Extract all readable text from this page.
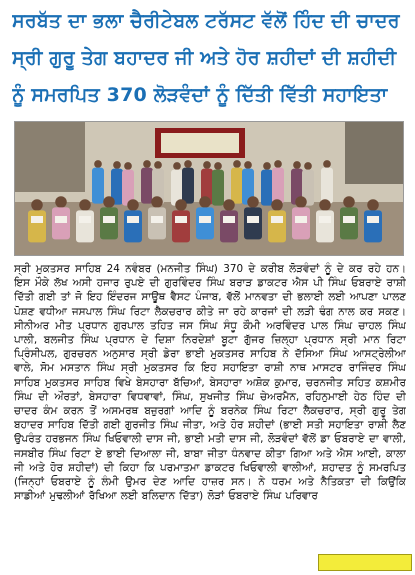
ਸਰਬੱਤ ਦਾ ਭਲਾ ਚੈਰੀਟੇਬਲ ਟਰੱਸਟ ਵੱਲੋਂ ਹਿੰਦ ਦੀ ਚਾਦਰ
ਸ੍ਰੀ ਗੁਰੂ ਤੇਗ ਬਹਾਦਰ ਜੀ ਅਤੇ ਹੋਰ ਸ਼ਹੀਦਾਂ ਦੀ ਸ਼ਹੀਦੀ
ਨੂੰ ਸਮਰਪਿਤ 370 ਲੋੜਵੰਦਾਂ ਨੂੰ ਦਿੱਤੀ ਵਿੱਤੀ ਸਹਾਇਤਾ

ਸ੍ਰੀ ਮੁਕਤਸਰ ਸਾਹਿਬ 24 ਨਵੰਬਰ (ਮਨਜੀਤ ਸਿੰਘ) 370 ਦੇ ਕਰੀਬ ਲੋੜਵੰਦਾਂ ਨੂੰ ਦੇ ਕਰ ਰਹੇ ਹਨ। ਇਸ ਮੌਕੇ ਲੱਖ ਅਸੀ ਹਜਾਰ ਰੁਪਏ ਦੀ ਗੁਰਵਿੰਦਰ ਸਿੰਘ ਬਰਾੜ ਡਾਕਟਰ ਐਸ ਪੀ ਸਿੰਘ ਓਬਰਾਏ ਰਾਸ਼ੀ ਦਿੱਤੀ ਗਈ ਤਾਂ ਜੋ ਇਹ ਇੰਦਰਜ ਸਾਊਥ ਵੈਸਟ ਪੰਜਾਬ, ਵੱਲੋਂ ਮਾਨਵਤਾ ਦੀ ਭਲਾਈ ਲਈ ਆਪਣਾ ਪਾਲਣ ਪੋਸ਼ਣ ਵਧੀਆ ਜਸਪਾਲ ਸਿੰਘ ਰਿਟਾ ਲੈਕਚਰਾਰ ਕੀਤੇ ਜਾ ਰਹੇ ਕਾਰਜਾਂ ਦੀ ਲੜੀ ਢੰਗ ਨਾਲ ਕਰ ਸਕਣ। ਸੀਨੀਅਰ ਮੀਤ ਪ੍ਰਧਾਨ ਗੁਰਪਾਲ ਤਹਿਤ ਜਸ ਸਿੰਘ ਸੰਧੂ ਕੌਮੀ ਅਰਵਿੰਦਰ ਪਾਲ ਸਿੰਘ ਚਾਹਲ ਸਿੰਘ ਪਾਲੀ, ਬਲਜੀਤ ਸਿੰਘ ਪ੍ਰਧਾਨ ਦੇ ਦਿਸ਼ਾ ਨਿਰਦੇਸ਼ਾਂ ਬੂਟਾ ਗੁੱਜਰ ਜ਼ਿਲ੍ਹਾ ਪ੍ਰਧਾਨ ਸ੍ਰੀ ਮਾਨ ਰਿਟਾ ਪ੍ਰਿੰਸੀਪਲ, ਗੁਰਚਰਨ ਅਨੁਸਾਰ ਸ੍ਰੀ ਡੇਰਾ ਭਾਈ ਮੁਕਤਸਰ ਸਾਹਿਬ ਨੇ ਦੱਸਿਆ ਸਿੰਘ ਆਸਟ੍ਰੇਲੀਆ ਵਾਲੇ, ਸੋਮ ਮਸਤਾਨ ਸਿੰਘ ਸ੍ਰੀ ਮੁਕਤਸਰ ਕਿ ਇਹ ਸਹਾਇਤਾ ਰਾਸ਼ੀ ਨਾਥ ਮਾਸਟਰ ਰਾਜਿੰਦਰ ਸਿੰਘ ਸਾਹਿਬ ਮੁਕਤਸਰ ਸਾਹਿਬ ਵਿਖੇ ਬੇਸਹਾਰਾ ਬੱਚਿਆਂ, ਬੇਸਹਾਰਾ ਅਸ਼ੋਕ ਕੁਮਾਰ, ਚਰਨਜੀਤ ਸਹਿਤ ਕਸ਼ਮੀਰ ਸਿੰਘ ਦੀ ਔਰਤਾਂ, ਬੇਸਹਾਰਾ ਵਿਧਵਾਵਾਂ, ਸਿੰਘ, ਸੁਖਜੀਤ ਸਿੰਘ ਚੇਅਰਮੈਨ, ਰਹਿਨੁਮਾਈ ਹੇਠ ਹਿੰਦ ਦੀ ਚਾਦਰ ਕੰਮ ਕਰਨ ਤੋਂ ਅਸਮਰਥ ਬਜ਼ੁਰਗਾਂ ਆਦਿ ਨੂੰ ਬਰਨੇਕ ਸਿੰਘ ਰਿਟਾ ਲੈਕਚਰਾਰ, ਸ੍ਰੀ ਗੁਰੂ ਤੇਗ ਬਹਾਦਰ ਸਾਹਿਬ ਦਿੱਤੀ ਗਈ ਗੁਰਜੀਤ ਸਿੰਘ ਜੀਤਾ, ਅਤੇ ਹੋਰ ਸ਼ਹੀਦਾਂ (ਭਾਈ ਸਤੀ ਸਹਾਇਤਾ ਰਾਸ਼ੀ ਲੈਣ ਉਪਰੰਤ ਹਰਭਜਨ ਸਿੰਘ ਖਿਓਵਾਲੀ ਦਾਸ ਜੀ, ਭਾਈ ਮਤੀ ਦਾਸ ਜੀ, ਲੋੜਵੰਦਾਂ ਵੱਲੋਂ ਡਾ ਓਬਰਾਏ ਦਾ ਵਾਲੀ, ਜਸਬੀਰ ਸਿੰਘ ਰਿਟਾ ਏ ਭਾਈ ਦਿਆਲਾ ਜੀ, ਬਾਬਾ ਜੀਤਾ ਧੰਨਵਾਦ ਕੀਤਾ ਗਿਆ ਅਤੇ ਐਸ ਆਈ, ਕਾਲਾ ਜੀ ਅਤੇ ਹੋਰ ਸ਼ਹੀਦਾਂ) ਦੀ ਕਿਹਾ ਕਿ ਪਰਮਾਤਮਾ ਡਾਕਟਰ ਖਿਓਵਾਲੀ ਵਾਲੀਆਂ, ਸ਼ਹਾਦਤ ਨੂੰ ਸਮਰਪਿਤ (ਜਿਨ੍ਹਾਂ ਓਬਰਾਏ ਨੂੰ ਲੰਮੀ ਉਮਰ ਦੇਣ ਆਦਿ ਹਾਜ਼ਰ ਸਨ। ਨੇ ਧਰਮ ਅਤੇ ਨੈਤਿਕਤਾ ਦੀ ਕਿਉਂਕਿ ਸਾਡੀਆਂ ਮੁਢਲੀਆਂ ਰੱਖਿਆ ਲਈ ਬਲਿਦਾਨ ਦਿੱਤਾ) ਲੋੜਾਂ ਓਬਰਾਏ ਸਿੰਘ ਪਰਿਵਾਰ
